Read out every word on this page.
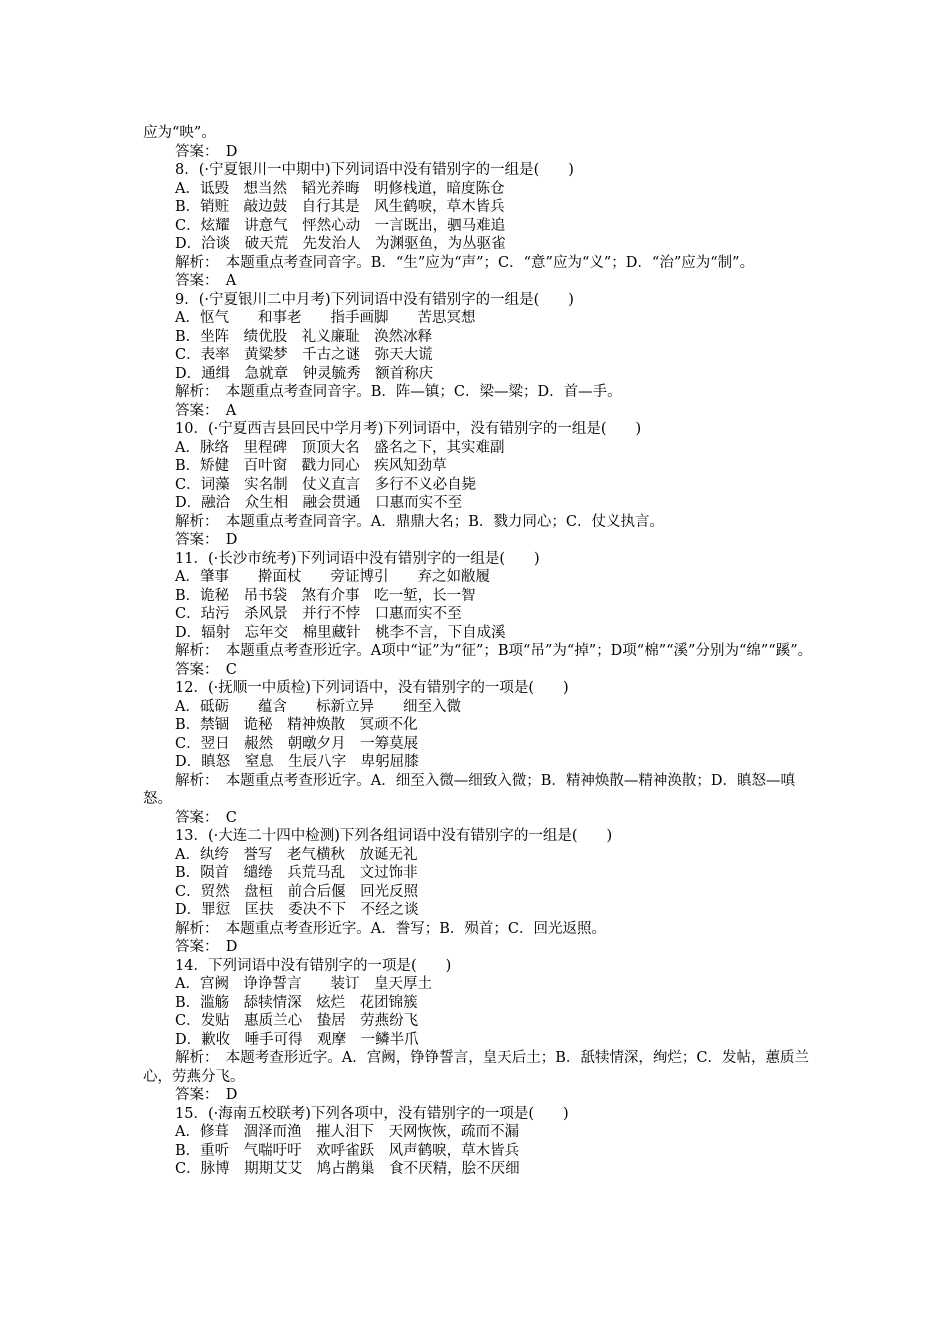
应为“映”。
答案：　D
8．(·宁夏银川一中期中)下列词语中没有错别字的一组是(　　)
A．诋毁　想当然　韬光养晦　明修栈道，暗度陈仓
B．销赃　敲边鼓　自行其是　风生鹤唳，草木皆兵
C．炫耀　讲意气　怦然心动　一言既出，驷马难追
D．洽谈　破天荒　先发治人　为渊驱鱼，为丛驱雀
解析：　本题重点考查同音字。B．“生”应为“声”；C．“意”应为“义”；D．“治”应为“制”。
答案：　A
9．(·宁夏银川二中月考)下列词语中没有错别字的一组是(　　)
A．怄气　　和事老　　指手画脚　　苦思冥想
B．坐阵　绩优股　礼义廉耻　涣然冰释
C．表率　黄粱梦　千古之谜　弥天大谎
D．通缉　急就章　钟灵毓秀　额首称庆
解析：　本题重点考查同音字。B．阵—镇；C．梁—粱；D．首—手。
答案：　A
10．(·宁夏西吉县回民中学月考)下列词语中，没有错别字的一组是(　　)
A．脉络　里程碑　顶顶大名　盛名之下，其实难副
B．矫健　百叶窗　戳力同心　疾风知劲草
C．词藻　实名制　仗义直言　多行不义必自毙
D．融洽　众生相　融会贯通　口惠而实不至
解析：　本题重点考查同音字。A．鼎鼎大名；B．戮力同心；C．仗义执言。
答案：　D
11．(·长沙市统考)下列词语中没有错别字的一组是(　　)
A．肇事　　擀面杖　　旁证博引　　弃之如敝履
B．诡秘　吊书袋　煞有介事　吃一堑，长一智
C．玷污　杀风景　并行不悖　口惠而实不至
D．辐射　忘年交　棉里藏针　桃李不言，下自成溪
解析：　本题重点考查形近字。A项中“证”为“征”；B项“吊”为“掉”；D项“棉”“溪”分别为“绵”“蹊”。
答案：　C
12．(·抚顺一中质检)下列词语中，没有错别字的一项是(　　)
A．砥砺　　蕴含　　标新立异　　细至入微
B．禁锢　诡秘　精神焕散　冥顽不化
C．翌日　赧然　朝暾夕月　一筹莫展
D．瞋怒　窒息　生辰八字　卑躬屈膝
解析：　本题重点考查形近字。A．细至入微—细致入微；B．精神焕散—精神涣散；D．瞋怒—嗔怒。
答案：　C
13．(·大连二十四中检测)下列各组词语中没有错别字的一组是(　　)
A．纨绔　誉写　老气横秋　放诞无礼
B．陨首　缱绻　兵荒马乱　文过饰非
C．贸然　盘桓　前合后偃　回光反照
D．罪愆　匡扶　委决不下　不经之谈
解析：　本题重点考查形近字。A．誊写；B．殒首；C．回光返照。
答案：　D
14．下列词语中没有错别字的一项是(　　)
A．宫阙　诤诤誓言　　装订　皇天厚土
B．滥觞　舔犊情深　炫烂　花团锦簇
C．发贴　惠质兰心　蛰居　劳燕纷飞
D．歉收　唾手可得　观摩　一鳞半爪
解析：　本题考查形近字。A．宫阙，铮铮誓言，皇天后土；B．舐犊情深，绚烂；C．发帖，蕙质兰心，劳燕分飞。
答案：　D
15．(·海南五校联考)下列各项中，没有错别字的一项是(　　)
A．修葺　涸泽而渔　摧人泪下　天网恢恢，疏而不漏
B．重听　气喘吁吁　欢呼雀跃　风声鹤唳，草木皆兵
C．脉博　期期艾艾　鸠占鹊巢　食不厌精，脍不厌细
